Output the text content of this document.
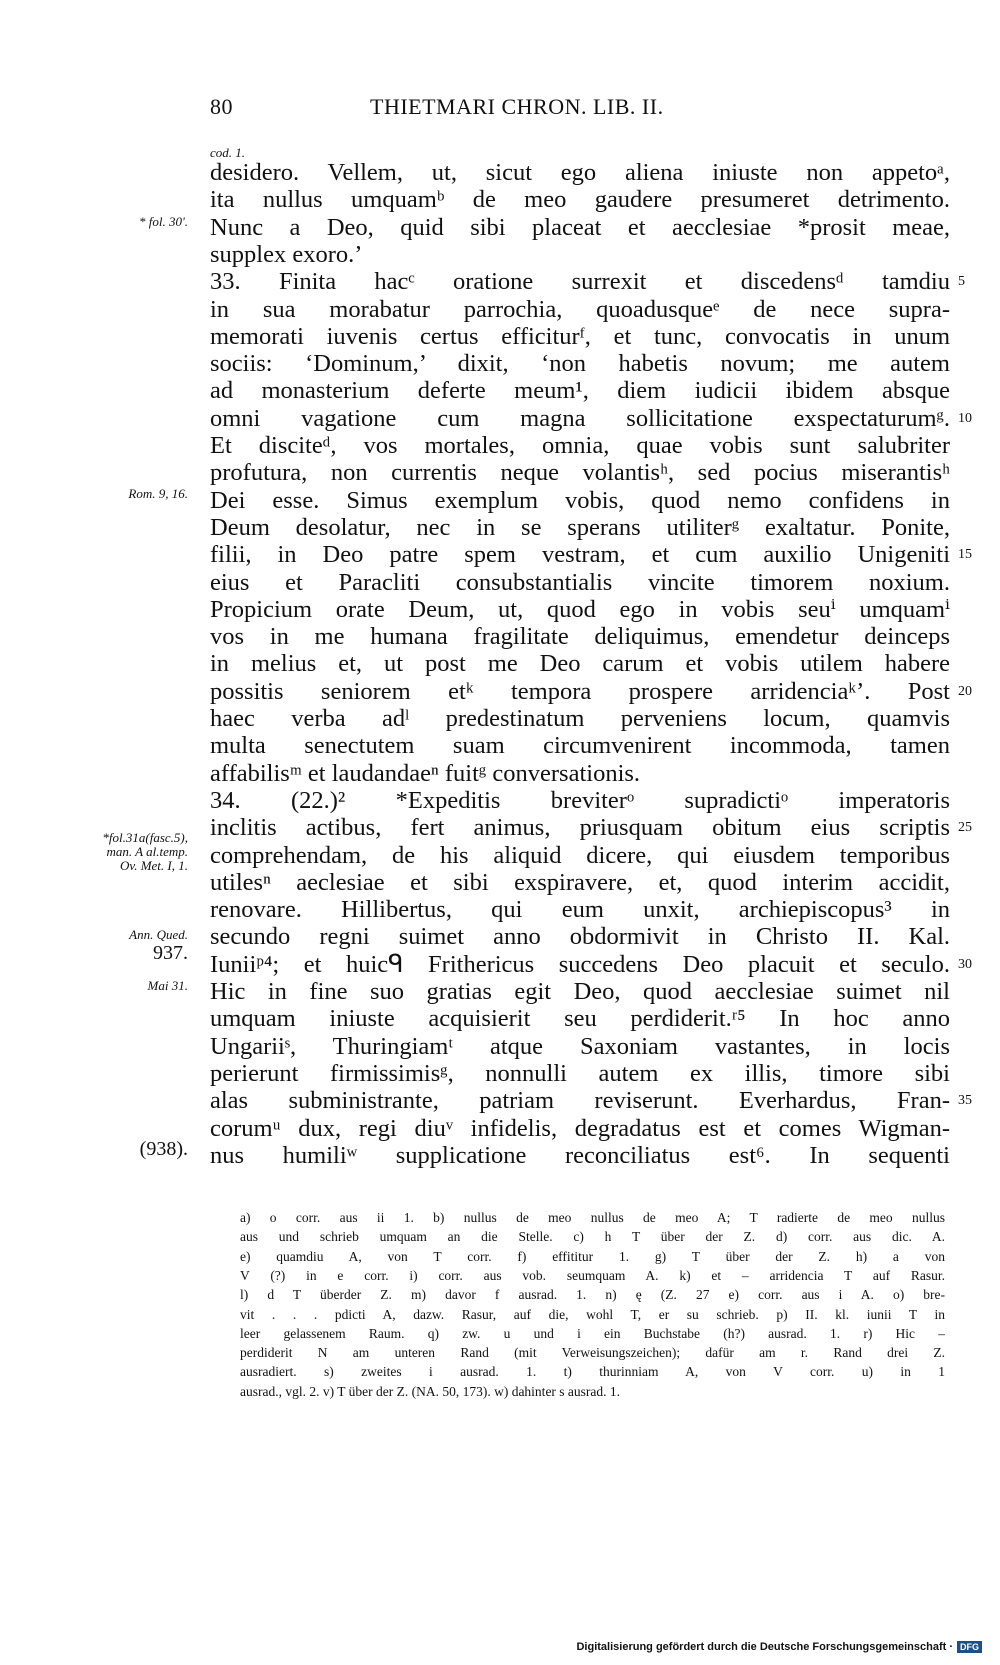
80	THIETMARI CHRON. LIB. II.
cod. 1.
* fol. 30'.
Rom. 9, 16.
*fol.31a(fasc.5),
man. A al.temp.
Ov. Met. I, 1.
Ann. Qued.
937.
Mai 31.
(938).
desidero. Vellem, ut, sicut ego aliena iniuste non appetoᵃ,
ita nullus umquamᵇ de meo gaudere presumeret detrimento.
Nunc a Deo, quid sibi placeat et aecclesiae *prosit meae,
supplex exoro.’
33. Finita hacᶜ oratione surrexit et discedensᵈ tamdiu
in sua morabatur parrochia, quoadusqueᵉ de nece supra-
memorati iuvenis certus efficiturᶠ, et tunc, convocatis in unum
sociis: ‘Dominum,’ dixit, ‘non habetis novum; me autem
ad monasterium deferte meum¹, diem iudicii ibidem absque
omni vagatione cum magna sollicitatione exspectaturumᵍ.
Et disciteᵈ, vos mortales, omnia, quae vobis sunt salubriter
profutura, non currentis neque volantisʰ, sed pocius miserantisʰ
Dei esse. Simus exemplum vobis, quod nemo confidens in
Deum desolatur, nec in se sperans utiliterᵍ exaltatur. Ponite,
filii, in Deo patre spem vestram, et cum auxilio Unigeniti
eius et Paracliti consubstantialis vincite timorem noxium.
Propicium orate Deum, ut, quod ego in vobis seuⁱ umquamⁱ
vos in me humana fragilitate deliquimus, emendetur deinceps
in melius et, ut post me Deo carum et vobis utilem habere
possitis seniorem etᵏ tempora prospere arridenciaᵏ’. Post
haec verba adˡ predestinatum perveniens locum, quamvis
multa senectutem suam circumvenirent incommoda, tamen
affabilisᵐ et laudandaeⁿ fuitᵍ conversationis.
34. (22.)² *Expeditis breviterᵒ supradictiᵒ imperatoris
inclitis actibus, fert animus, priusquam obitum eius scriptis
comprehendam, de his aliquid dicere, qui eiusdem temporibus
utilesⁿ aeclesiae et sibi exspiravere, et, quod interim accidit,
renovare. Hillibertus, qui eum unxit, archiepiscopus³ in
secundo regni suimet anno obdormivit in Christo II. Kal.
Iuniiᵖ⁴; et huicᑫ Frithericus succedens Deo placuit et seculo.
Hic in fine suo gratias egit Deo, quod aecclesiae suimet nil
umquam iniuste acquisierit seu perdiderit.ʳ⁵ In hoc anno
Ungariiˢ, Thuringiamᵗ atque Saxoniam vastantes, in locis
perierunt firmissimisᵍ, nonnulli autem ex illis, timore sibi
alas subministrante, patriam reviserunt. Everhardus, Fran-
corumᵘ dux, regi diuᵛ infidelis, degradatus est et comes Wigman-
nus humiliʷ supplicatione reconciliatus est⁶. In sequenti
5
10
15
20
25
30
35
a) o corr. aus ii 1. b) nullus de meo nullus de meo A; T radierte de meo nullus
aus und schrieb umquam an die Stelle. c) h T über der Z. d) corr. aus dic. A.
e) quamdiu A, von T corr. f) effititur 1. g) T über der Z. h) a von
V (?) in e corr. i) corr. aus vob. seumquam A. k) et – arridencia T auf Rasur.
l) d T überder Z. m) davor f ausrad. 1. n) ę (Z. 27 e) corr. aus i A. o) bre-
vit . . . pdicti A, dazw. Rasur, auf die, wohl T, er su schrieb. p) II. kl. iunii T in
leer gelassenem Raum. q) zw. u und i ein Buchstabe (h?) ausrad. 1. r) Hic –
perdiderit N am unteren Rand (mit Verweisungszeichen); dafür am r. Rand drei Z.
ausradiert. s) zweites i ausrad. 1. t) thurinniam A, von V corr. u) in 1
ausrad., vgl. 2. v) T über der Z. (NA. 50, 173). w) dahinter s ausrad. 1.
Digitalisierung gefördert durch die Deutsche Forschungsgemeinschaft · DFG
